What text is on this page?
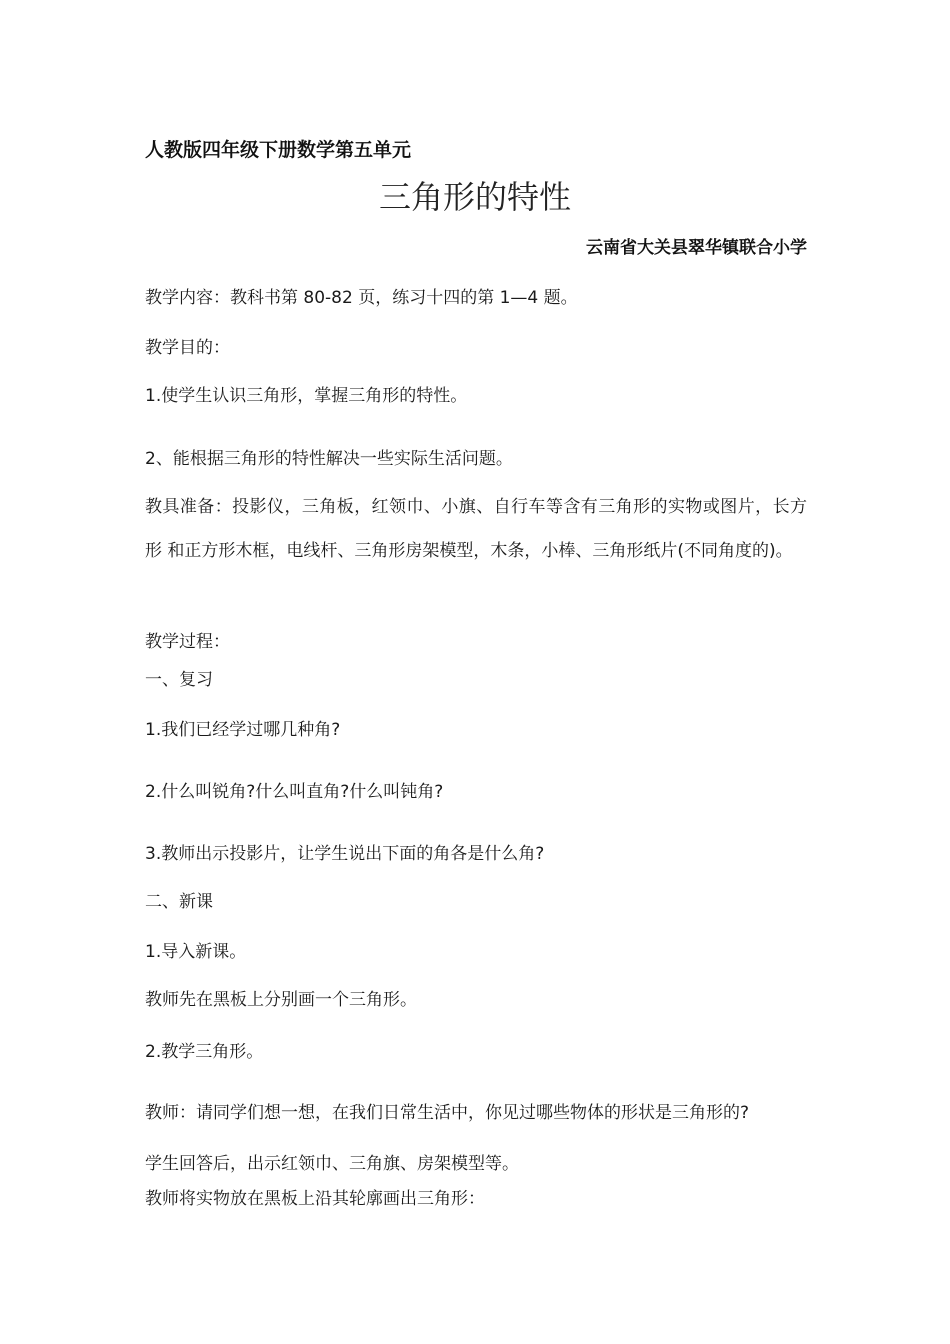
人教版四年级下册数学第五单元
三角形的特性
云南省大关县翠华镇联合小学
教学内容：教科书第 80-82 页，练习十四的第 1—4 题。
教学目的：
1.使学生认识三角形，掌握三角形的特性。
2、能根据三角形的特性解决一些实际生活问题。
教具准备：投影仪，三角板，红领巾、小旗、自行车等含有三角形的实物或图片，长方形 和正方形木框，电线杆、三角形房架模型，木条，小棒、三角形纸片(不同角度的)。
教学过程：
一、复习
1.我们已经学过哪几种角?
2.什么叫锐角?什么叫直角?什么叫钝角?
3.教师出示投影片，让学生说出下面的角各是什么角?
二、新课
1.导入新课。
教师先在黑板上分别画一个三角形。
2.教学三角形。
教师：请同学们想一想，在我们日常生活中，你见过哪些物体的形状是三角形的?
学生回答后，出示红领巾、三角旗、房架模型等。
教师将实物放在黑板上沿其轮廓画出三角形：
